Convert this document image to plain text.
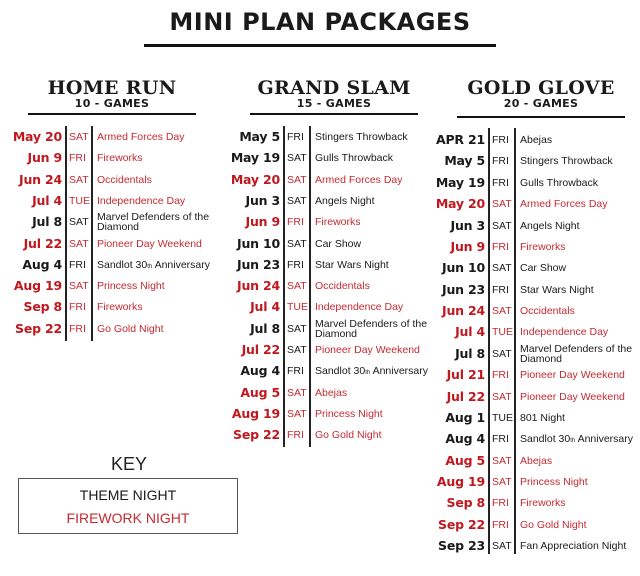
MINI PLAN PACKAGES
HOME RUN
10 - GAMES
GRAND SLAM
15 - GAMES
GOLD GLOVE
20 - GAMES
May 20 SAT Armed Forces Day
Jun 9 FRI Fireworks
Jun 24 SAT Occidentals
Jul 4 TUE Independence Day
Jul 8 SAT Marvel Defenders of the
Diamond
Jul 22 SAT Pioneer Day Weekend
Aug 4 FRI Sandlot 30th Anniversary
Aug 19 SAT Princess Night
Sep 8 FRI Fireworks
Sep 22 FRI Go Gold Night
May 5 FRI Stingers Throwback
May 19 SAT Gulls Throwback
May 20 SAT Armed Forces Day
Jun 3 SAT Angels Night
Jun 9 FRI Fireworks
Jun 10 SAT Car Show
Jun 23 FRI Star Wars Night
Jun 24 SAT Occidentals
Jul 4 TUE Independence Day
Jul 8 SAT Marvel Defenders of the
Diamond
Jul 22 SAT Pioneer Day Weekend
Aug 4 FRI Sandlot 30th Anniversary
Aug 5 SAT Abejas
Aug 19 SAT Princess Night
Sep 22 FRI Go Gold Night
APR 21 FRI Abejas
May 5 FRI Stingers Throwback
May 19 FRI Gulls Throwback
May 20 SAT Armed Forces Day
Jun 3 SAT Angels Night
Jun 9 FRI Fireworks
Jun 10 SAT Car Show
Jun 23 FRI Star Wars Night
Jun 24 SAT Occidentals
Jul 4 TUE Independence Day
Jul 8 SAT Marvel Defenders of the
Diamond
Jul 21 FRI Pioneer Day Weekend
Jul 22 SAT Pioneer Day Weekend
Aug 1 TUE 801 Night
Aug 4 FRI Sandlot 30th Anniversary
Aug 5 SAT Abejas
Aug 19 SAT Princess Night
Sep 8 FRI Fireworks
Sep 22 FRI Go Gold Night
Sep 23 SAT Fan Appreciation Night
KEY
THEME NIGHT
FIREWORK NIGHT
